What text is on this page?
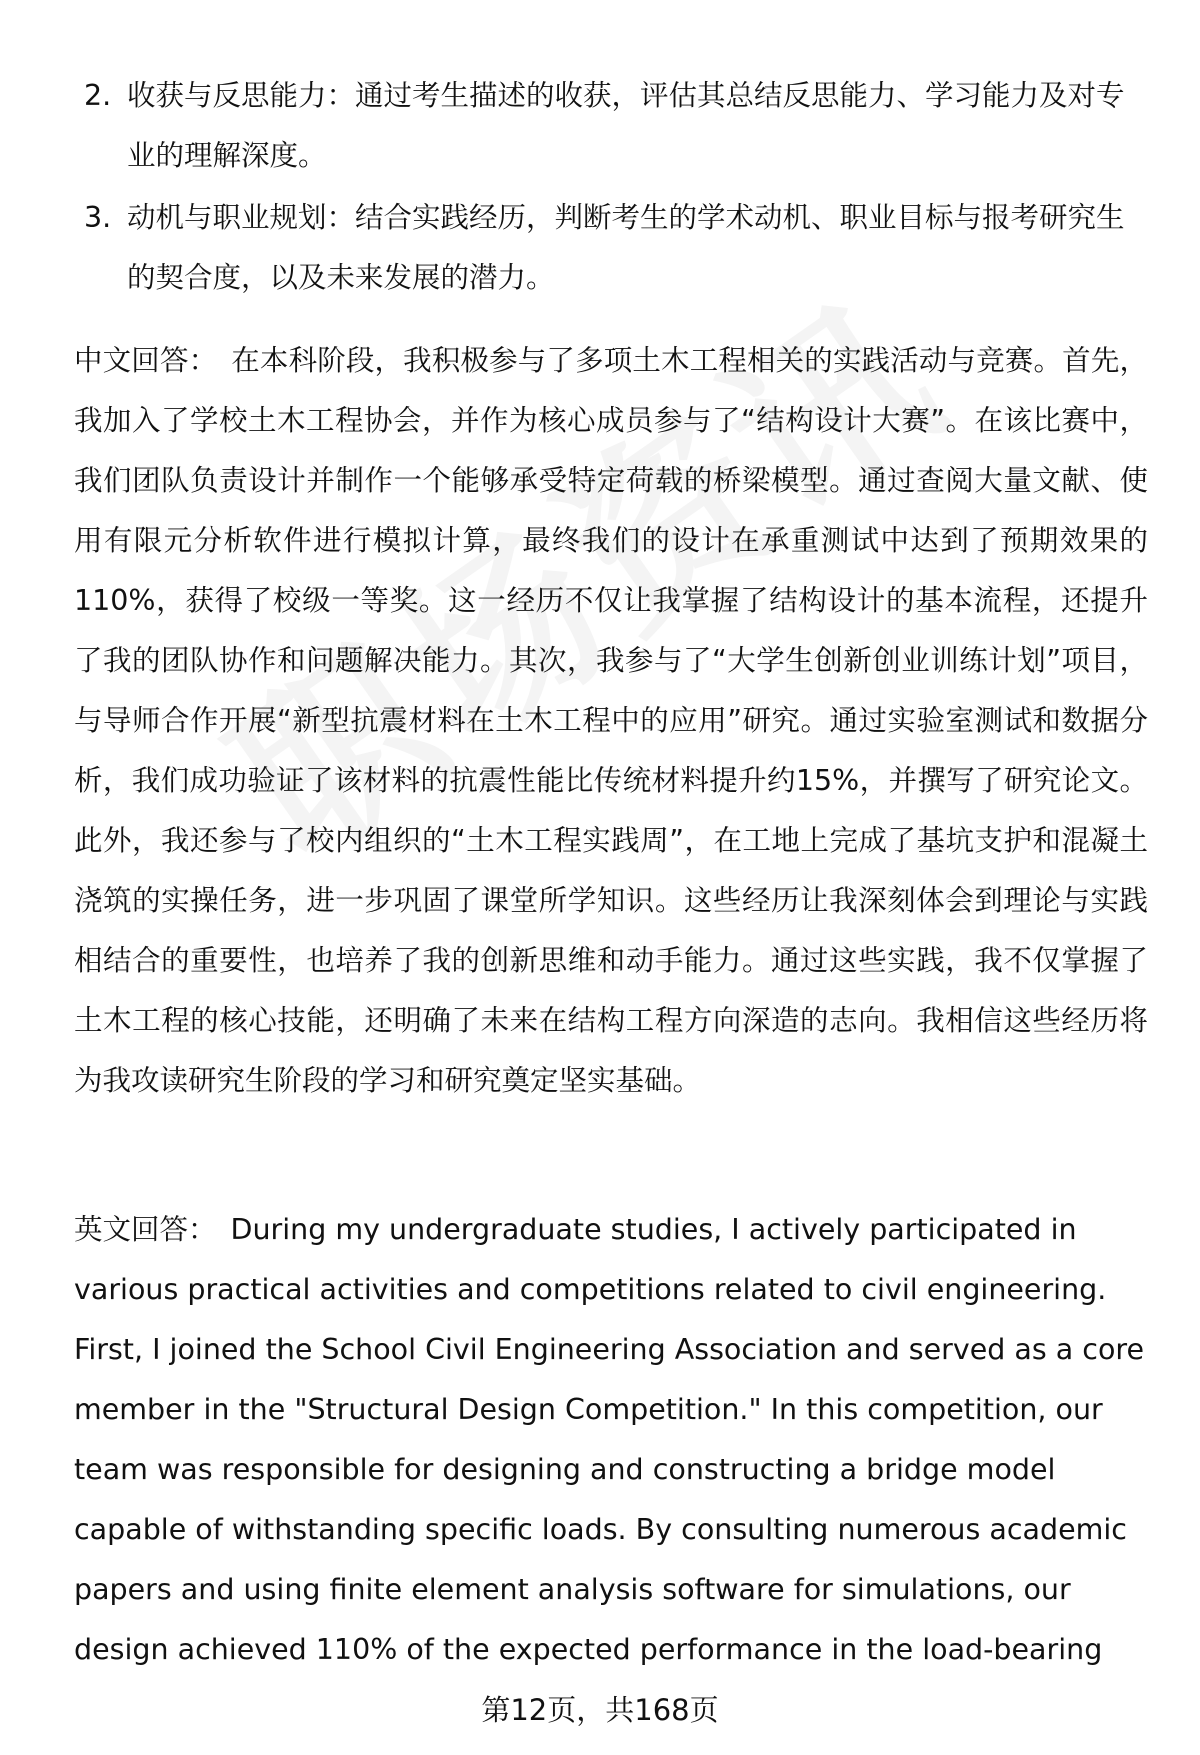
2. 收获与反思能力：通过考生描述的收获，评估其总结反思能力、学习能力及对专业的理解深度。
3. 动机与职业规划：结合实践经历，判断考生的学术动机、职业目标与报考研究生的契合度，以及未来发展的潜力。

中文回答： 在本科阶段，我积极参与了多项土木工程相关的实践活动与竞赛。首先，我加入了学校土木工程协会，并作为核心成员参与了“结构设计大赛”。在该比赛中，我们团队负责设计并制作一个能够承受特定荷载的桥梁模型。通过查阅大量文献、使用有限元分析软件进行模拟计算，最终我们的设计在承重测试中达到了预期效果的110%，获得了校级一等奖。这一经历不仅让我掌握了结构设计的基本流程，还提升了我的团队协作和问题解决能力。其次，我参与了“大学生创新创业训练计划”项目，与导师合作开展“新型抗震材料在土木工程中的应用”研究。通过实验室测试和数据分析，我们成功验证了该材料的抗震性能比传统材料提升约15%，并撰写了研究论文。此外，我还参与了校内组织的“土木工程实践周”，在工地上完成了基坑支护和混凝土浇筑的实操任务，进一步巩固了课堂所学知识。这些经历让我深刻体会到理论与实践相结合的重要性，也培养了我的创新思维和动手能力。通过这些实践，我不仅掌握了土木工程的核心技能，还明确了未来在结构工程方向深造的志向。我相信这些经历将为我攻读研究生阶段的学习和研究奠定坚实基础。

英文回答： During my undergraduate studies, I actively participated in various practical activities and competitions related to civil engineering. First, I joined the School Civil Engineering Association and served as a core member in the "Structural Design Competition." In this competition, our team was responsible for designing and constructing a bridge model capable of withstanding specific loads. By consulting numerous academic papers and using finite element analysis software for simulations, our design achieved 110% of the expected performance in the load-bearing

第12页，共168页
